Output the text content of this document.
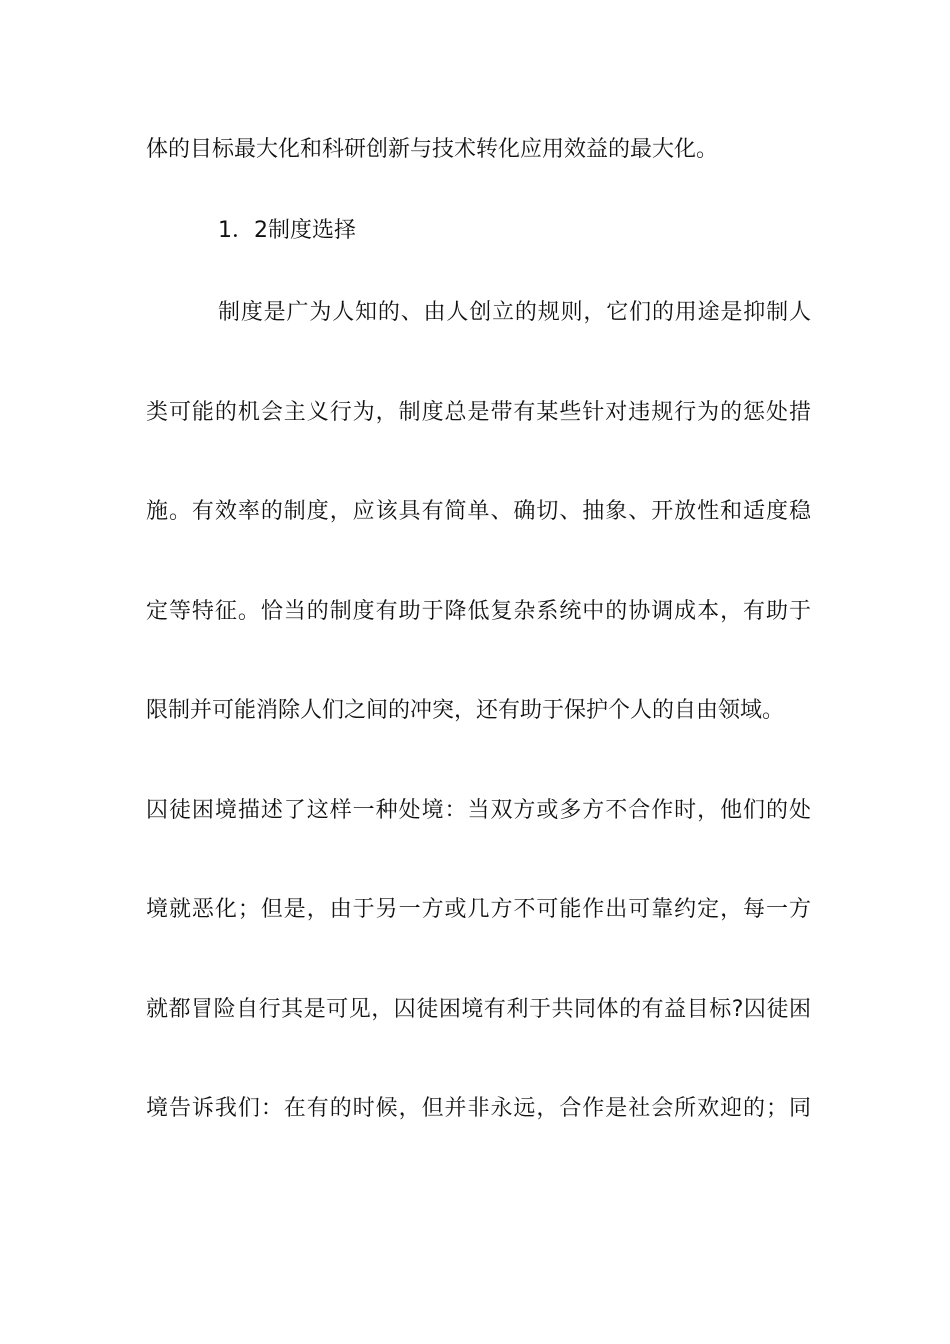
体的目标最大化和科研创新与技术转化应用效益的最大化。
1．2制度选择
制度是广为人知的、由人创立的规则，它们的用途是抑制人
类可能的机会主义行为，制度总是带有某些针对违规行为的惩处措
施。有效率的制度，应该具有简单、确切、抽象、开放性和适度稳
定等特征。恰当的制度有助于降低复杂系统中的协调成本，有助于
限制并可能消除人们之间的冲突，还有助于保护个人的自由领域。
囚徒困境描述了这样一种处境：当双方或多方不合作时，他们的处
境就恶化；但是，由于另一方或几方不可能作出可靠约定，每一方
就都冒险自行其是可见，囚徒困境有利于共同体的有益目标?囚徒困
境告诉我们：在有的时候，但并非永远，合作是社会所欢迎的；同
